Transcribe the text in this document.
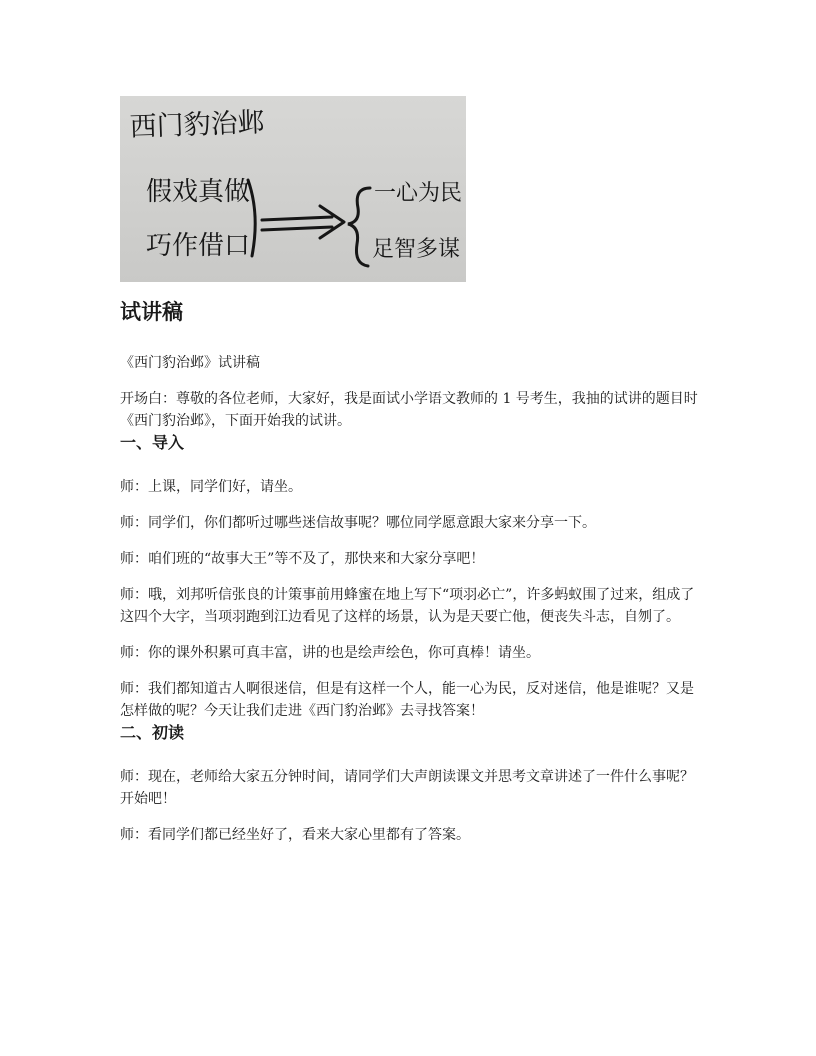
西门豹治邺
假戏真做
巧作借口
一心为民
足智多谋
试讲稿

《西门豹治邺》试讲稿

开场白：尊敬的各位老师，大家好，我是面试小学语文教师的 1 号考生，我抽的试讲的题目时《西门豹治邺》，下面开始我的试讲。

一、导入

师：上课，同学们好，请坐。

师：同学们，你们都听过哪些迷信故事呢？哪位同学愿意跟大家来分享一下。

师：咱们班的“故事大王”等不及了，那快来和大家分享吧！

师：哦，刘邦听信张良的计策事前用蜂蜜在地上写下“项羽必亡”，许多蚂蚁围了过来，组成了这四个大字，当项羽跑到江边看见了这样的场景，认为是天要亡他，便丧失斗志，自刎了。

师：你的课外积累可真丰富，讲的也是绘声绘色，你可真棒！请坐。

师：我们都知道古人啊很迷信，但是有这样一个人，能一心为民，反对迷信，他是谁呢？又是怎样做的呢？今天让我们走进《西门豹治邺》去寻找答案！

二、初读

师：现在，老师给大家五分钟时间，请同学们大声朗读课文并思考文章讲述了一件什么事呢？开始吧！

师：看同学们都已经坐好了，看来大家心里都有了答案。
